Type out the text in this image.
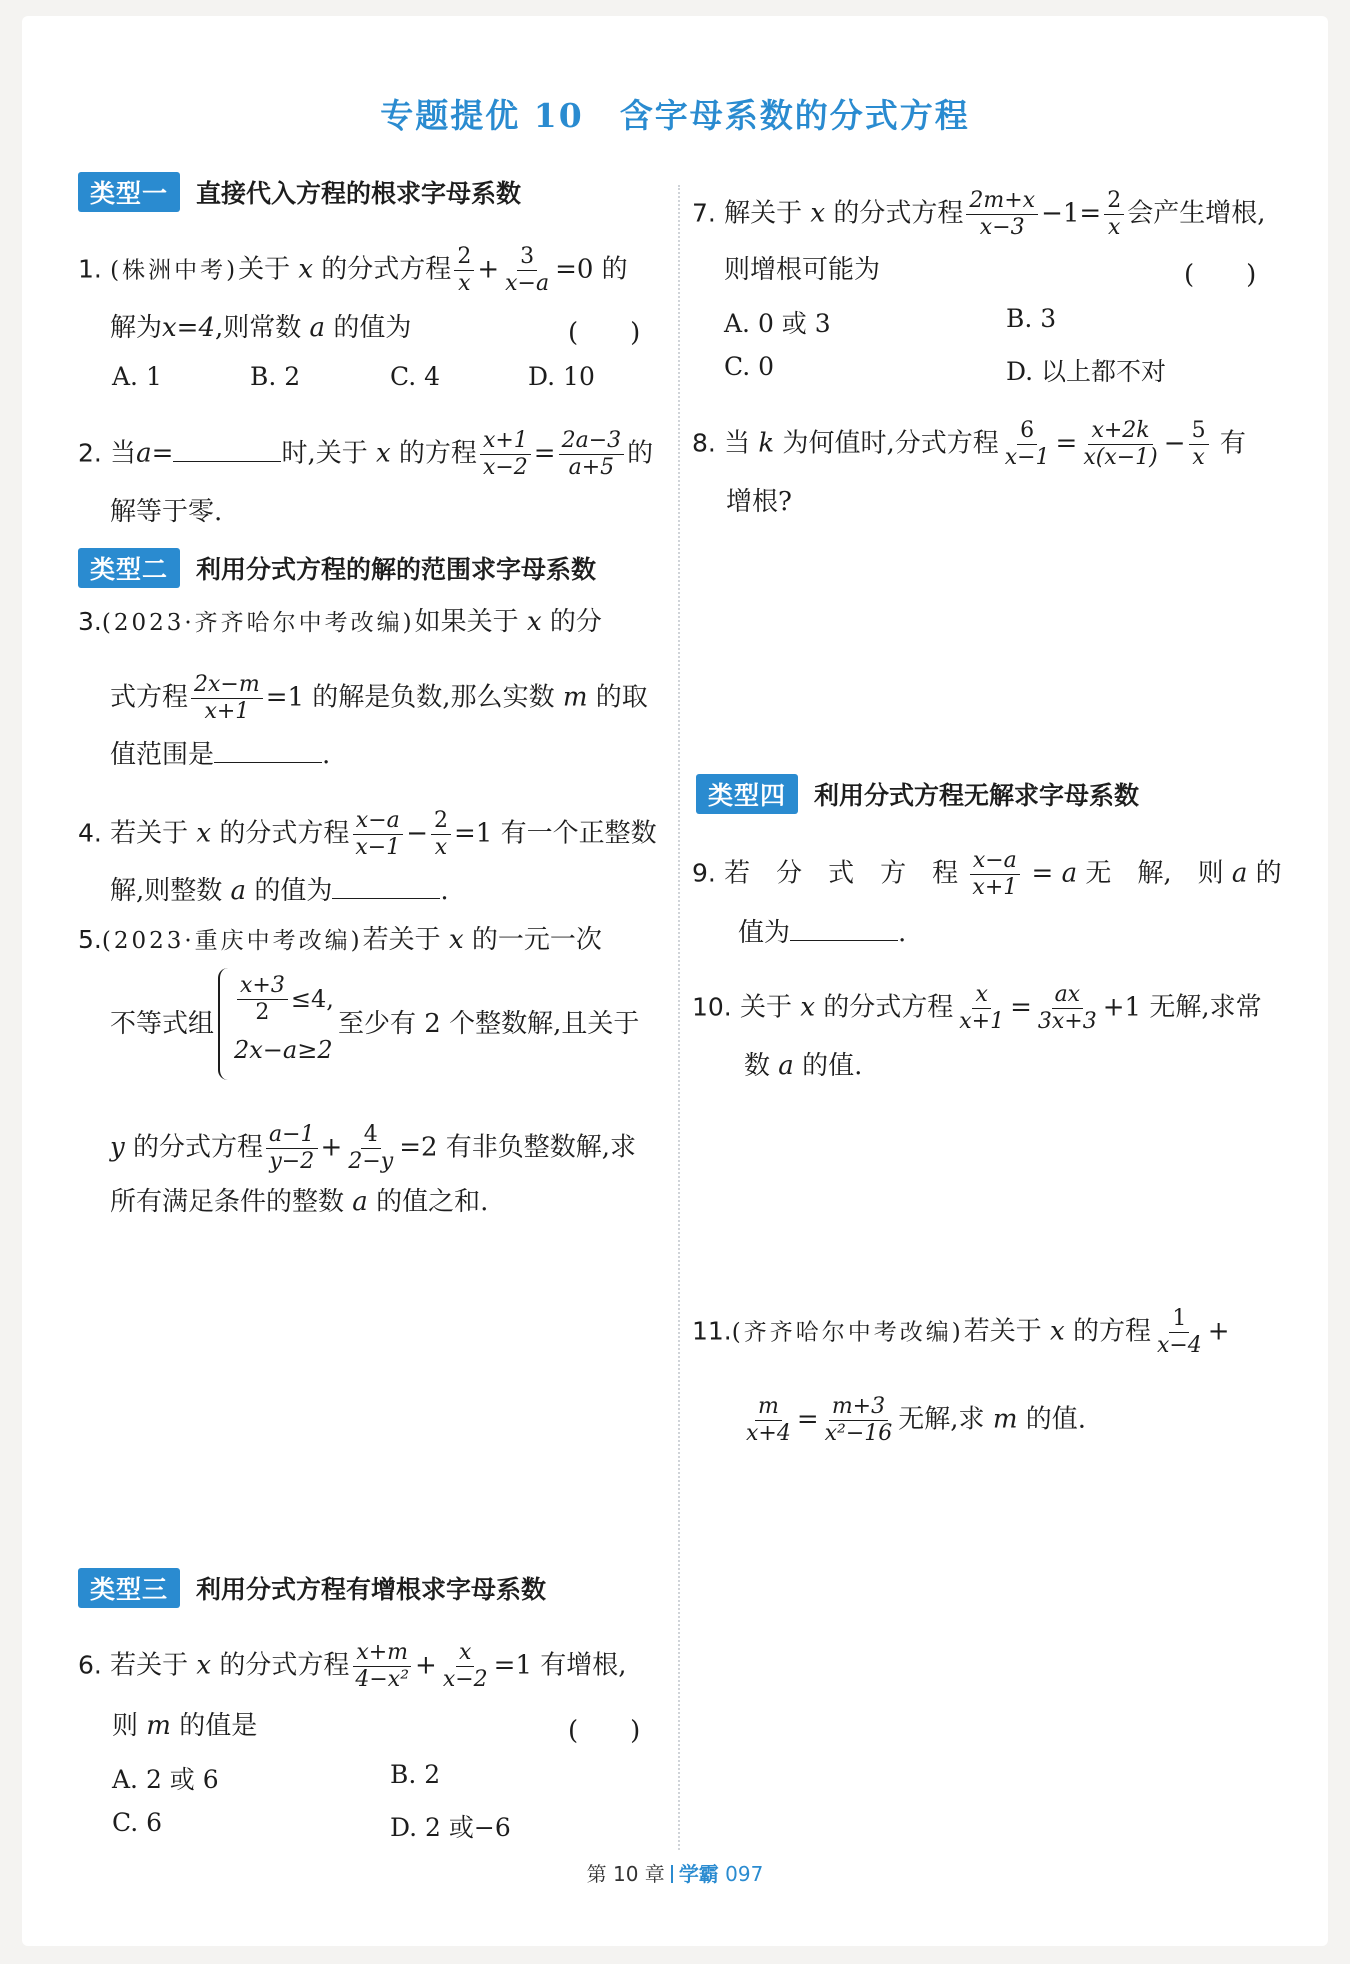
专题提优 10 含字母系数的分式方程
类型一	直接代入方程的根求字母系数
1. (株洲中考)关于 x 的分式方程 $\frac{2}{x} + \frac{3}{x-a} =0$ 的
解为x=4,则常数 a 的值为	(　　)
A. 1	B. 2	C. 4	D. 10
2. 当a=	时,关于 x 的方程 $\frac{x+1}{x-2} = \frac{2a-3}{a+5}$ 的
解等于零.
类型二	利用分式方程的解的范围求字母系数
3.(2023·齐齐哈尔中考改编)如果关于 x 的分
式方程 $\frac{2x-m}{x+1} =1$ 的解是负数,那么实数 m 的取
值范围是	.
4. 若关于 x 的分式方程 $\frac{x-a}{x-1} - \frac{2}{x} =1$ 有一个正整数
解,则整数 a 的值为	.
5.(2023·重庆中考改编)若关于 x 的一元一次
不等式组 $\frac{x+3}{2} \le 4$,
2x−a≥2
至少有 2 个整数解,且关于
y 的分式方程 $\frac{a-1}{y-2} + \frac{4}{2-y} =2$ 有非负整数解,求
所有满足条件的整数 a 的值之和.
类型三	利用分式方程有增根求字母系数
6. 若关于 x 的分式方程 $\frac{x+m}{\text{4−x²}} + \frac{x}{x-2} =1$ 有增根,
则 m 的值是	(　　)
A. 2 或 6	B. 2
C. 6	D. 2 或−6
7. 解关于 x 的分式方程 $\frac{2m+x}{x-3} -1= \frac{2}{x}$ 会产生增根,
则增根可能为	(　　)
A. 0 或 3	B. 3
C. 0	D. 以上都不对
8. 当 k 为何值时,分式方程 $\frac{6}{x-1} = \frac{x+2k}{x(x-1)} - \frac{5}{x}$ 有
增根?
类型四	利用分式方程无解求字母系数
9. 若　分　式　方　程 $\frac{x-a}{x+1} = a$ 无　解,　则 a 的
值为	.
10. 关于 x 的分式方程 $\frac{x}{x+1} = \frac{ax}{3x+3} +1$ 无解,求常
数 a 的值.
11.(齐齐哈尔中考改编)若关于 x 的方程 $\frac{1}{x-4}$ +
$\frac{m}{x+4} = \frac{m+3}{\text{x²−16}}$ 无解,求 m 的值.
第 10 章 学霸 097
